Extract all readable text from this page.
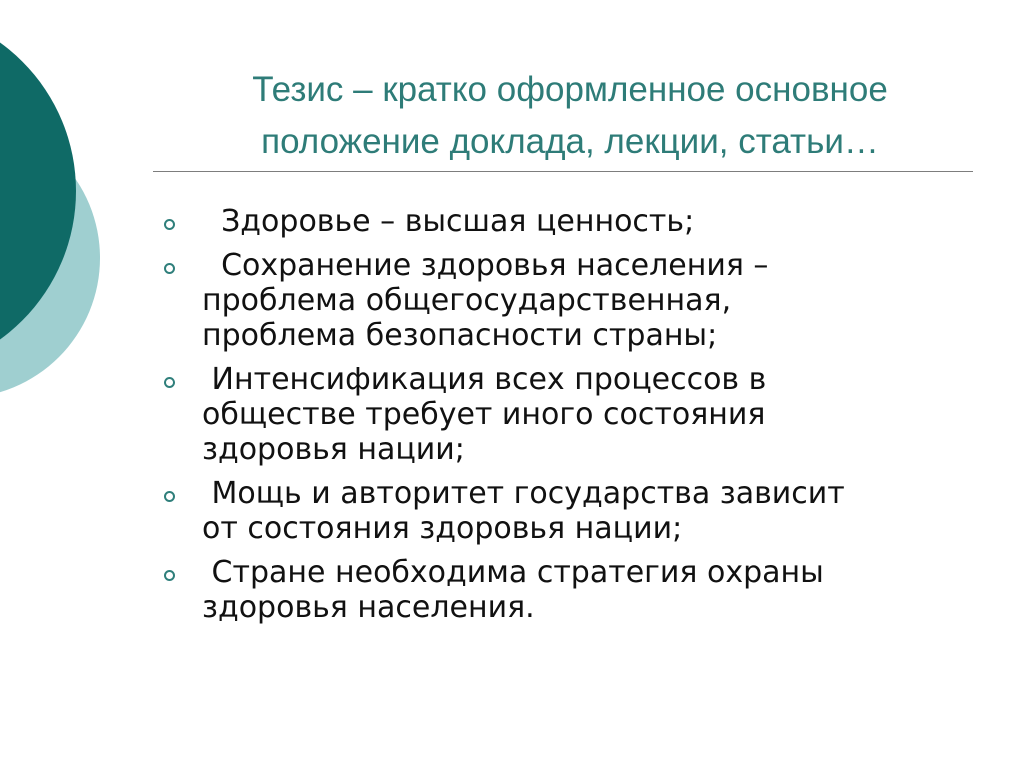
Тезис – кратко оформленное основное
положение доклада, лекции, статьи…
Здоровье – высшая ценность;
Сохранение здоровья населения –
проблема общегосударственная,
проблема безопасности страны;
Интенсификация всех процессов в
обществе требует иного состояния
здоровья нации;
Мощь и авторитет государства зависит
от состояния здоровья нации;
Стране необходима стратегия охраны
здоровья населения.
